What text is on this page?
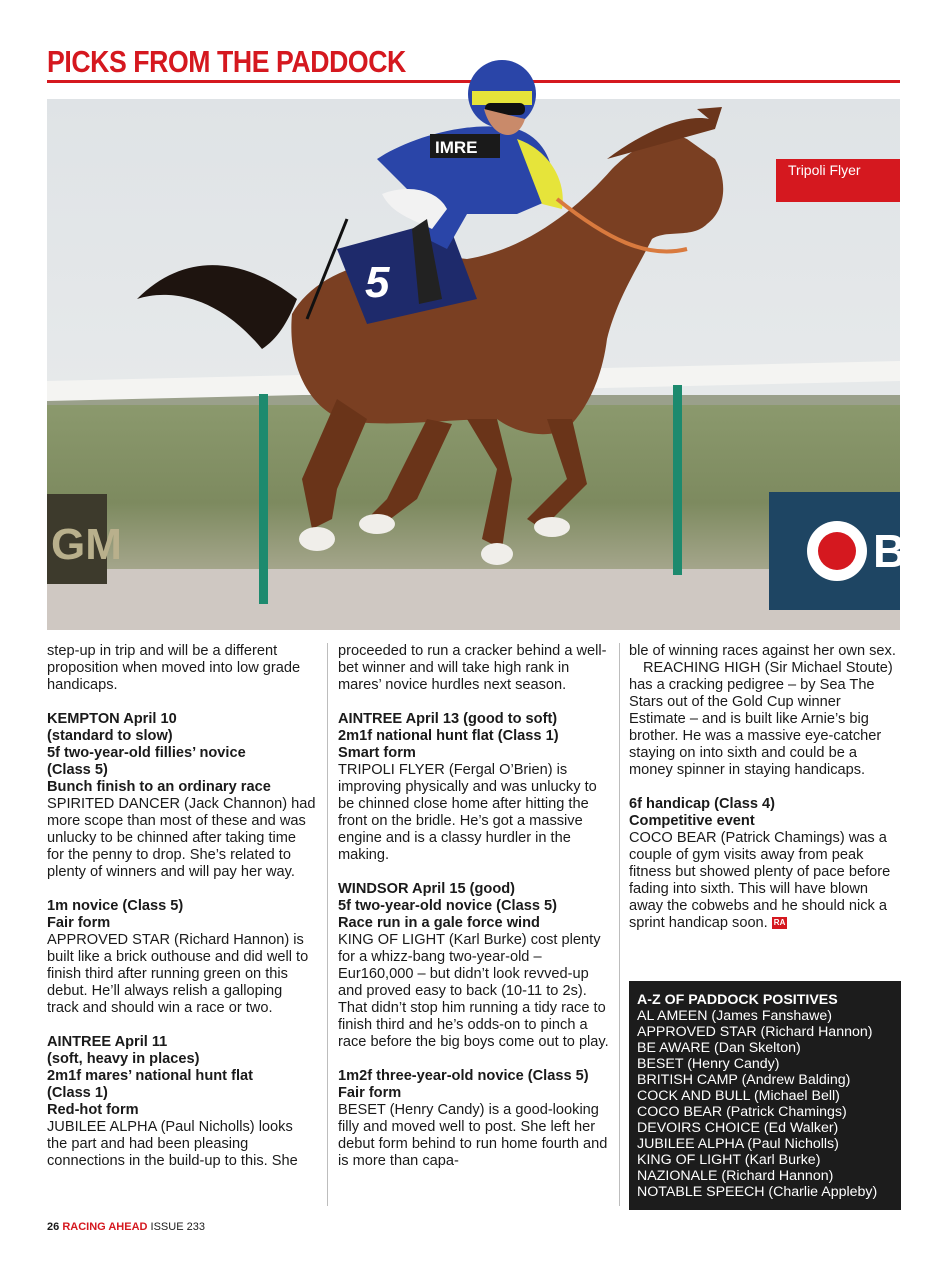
PICKS FROM THE PADDOCK
GM	B
5
IMRE
Tripoli Flyer

step-up in trip and will be a different proposition when moved into low grade handicaps.

KEMPTON April 10
(standard to slow)
5f two-year-old fillies’ novice
(Class 5)
Bunch finish to an ordinary race

SPIRITED DANCER (Jack Channon) had more scope than most of these and was unlucky to be chinned after taking time for the penny to drop. She’s related to plenty of winners and will pay her way.

1m novice (Class 5)
Fair form

APPROVED STAR (Richard Hannon) is built like a brick outhouse and did well to finish third after running green on this debut. He’ll always relish a galloping track and should win a race or two.

AINTREE April 11
(soft, heavy in places)
2m1f mares’ national hunt flat
(Class 1)
Red-hot form

JUBILEE ALPHA (Paul Nicholls) looks the part and had been pleasing connections in the build-up to this. She

proceeded to run a cracker behind a well-bet winner and will take high rank in mares’ novice hurdles next season.

AINTREE April 13 (good to soft)
2m1f national hunt flat (Class 1)
Smart form

TRIPOLI FLYER (Fergal O’Brien) is improving physically and was unlucky to be chinned close home after hitting the front on the bridle. He’s got a massive engine and is a classy hurdler in the making.

WINDSOR April 15 (good)
5f two-year-old novice (Class 5)
Race run in a gale force wind

KING OF LIGHT (Karl Burke) cost plenty for a whizz-bang two-year-old – Eur160,000 – but didn’t look revved-up and proved easy to back (10-11 to 2s). That didn’t stop him running a tidy race to finish third and he’s odds-on to pinch a race before the big boys come out to play.

1m2f three-year-old novice (Class 5)
Fair form

BESET (Henry Candy) is a good-looking filly and moved well to post. She left her debut form behind to run home fourth and is more than capa-

ble of winning races against her own sex.

REACHING HIGH (Sir Michael Stoute) has a cracking pedigree – by Sea The Stars out of the Gold Cup winner Estimate – and is built like Arnie’s big brother. He was a massive eye-catcher staying on into sixth and could be a money spinner in staying handicaps.

6f handicap (Class 4)
Competitive event

COCO BEAR (Patrick Chamings) was a couple of gym visits away from peak fitness but showed plenty of pace before fading into sixth. This will have blown away the cobwebs and he should nick a sprint handicap soon. RA

A-Z OF PADDOCK POSITIVES
AL AMEEN (James Fanshawe)
APPROVED STAR (Richard Hannon)
BE AWARE (Dan Skelton)
BESET (Henry Candy)
BRITISH CAMP (Andrew Balding)
COCK AND BULL (Michael Bell)
COCO BEAR (Patrick Chamings)
DEVOIRS CHOICE (Ed Walker)
JUBILEE ALPHA (Paul Nicholls)
KING OF LIGHT (Karl Burke)
NAZIONALE (Richard Hannon)
NOTABLE SPEECH (Charlie Appleby)
26 RACING AHEAD ISSUE 233
